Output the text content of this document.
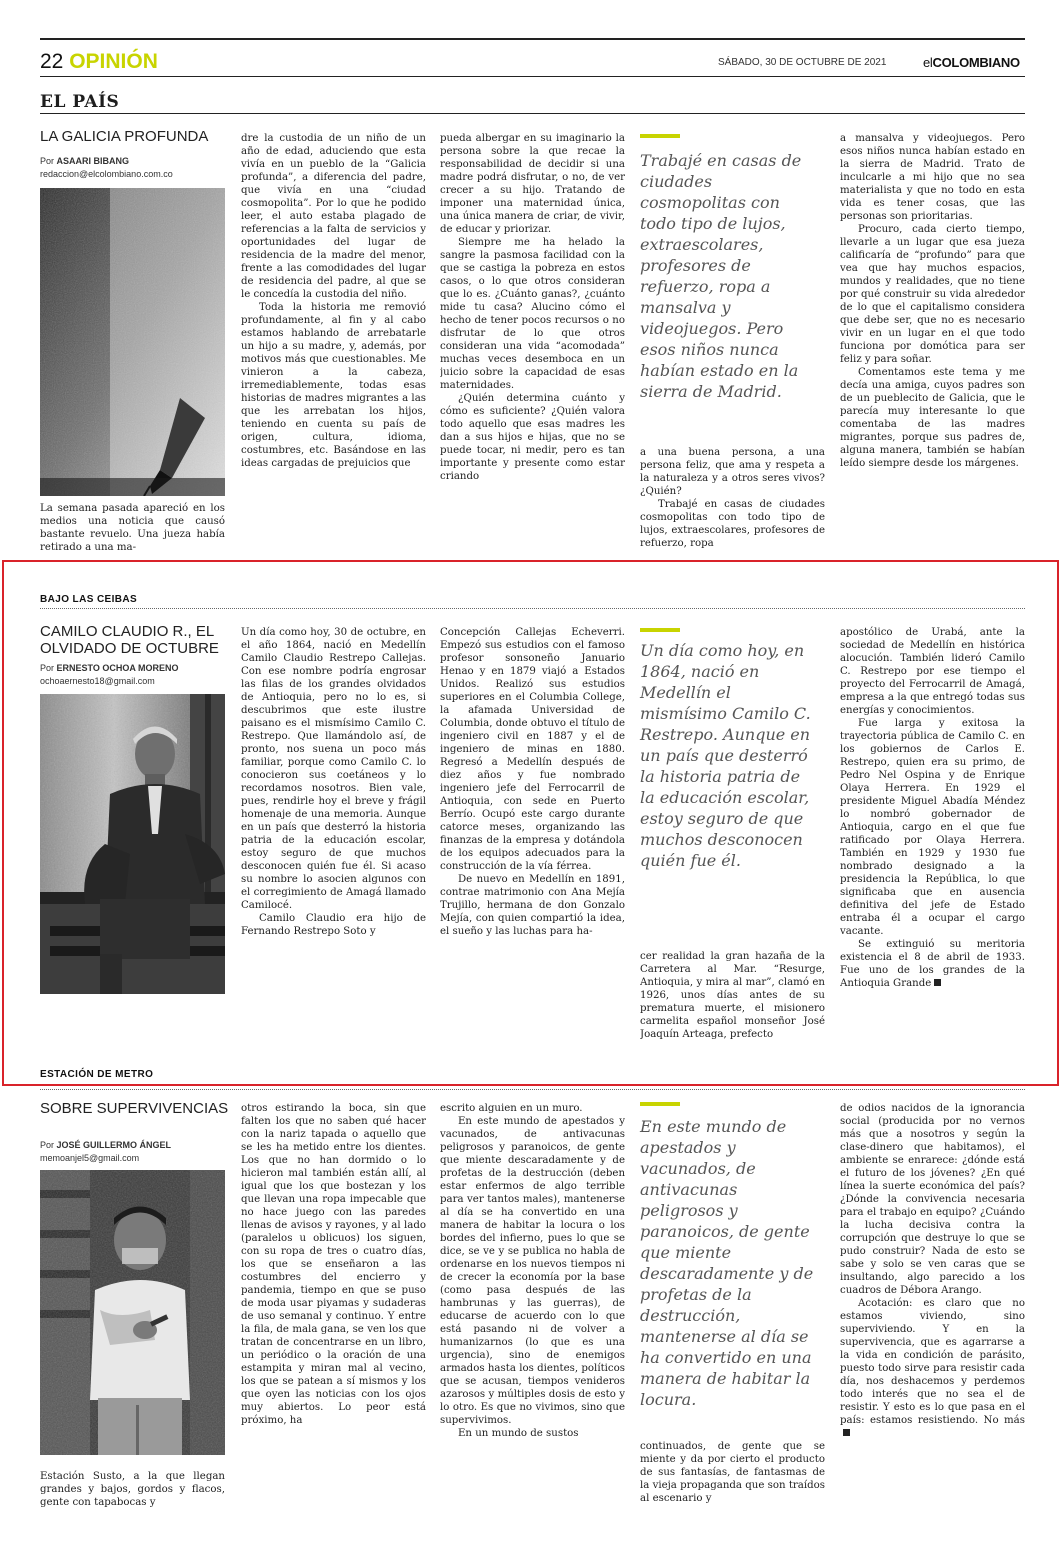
22 OPINIÓN	SÁBADO, 30 DE OCTUBRE DE 2021	elCOLOMBIANO
EL PAÍS
LA GALICIA PROFUNDA
Por ASAARI BIBANG
redaccion@elcolombiano.com.co

La semana pasada apareció en los medios una noticia que causó bastante revuelo. Una jueza había retirado a una ma-

dre la custodia de un niño de un año de edad, aduciendo que esta vivía en un pueblo de la “Galicia profunda”, a diferencia del padre, que vivía en una “ciudad cosmopolita”. Por lo que he podido leer, el auto estaba plagado de referencias a la falta de servicios y oportunidades del lugar de residencia de la madre del menor, frente a las comodidades del lugar de residencia del padre, al que se le concedía la custodia del niño.

Toda la historia me removió profundamente, al fin y al cabo estamos hablando de arrebatarle un hijo a su madre, y, además, por motivos más que cuestionables. Me vinieron a la cabeza, irremediablemente, todas esas historias de madres migrantes a las que les arrebatan los hijos, teniendo en cuenta su país de origen, cultura, idioma, costumbres, etc. Basándose en las ideas cargadas de prejuicios que

pueda albergar en su imaginario la persona sobre la que recae la responsabilidad de decidir si una madre podrá disfrutar, o no, de ver crecer a su hijo. Tratando de imponer una maternidad única, una única manera de criar, de vivir, de educar y priorizar.

Siempre me ha helado la sangre la pasmosa facilidad con la que se castiga la pobreza en estos casos, o lo que otros consideran que lo es. ¿Cuánto ganas?, ¿cuánto mide tu casa? Alucino cómo el hecho de tener pocos recursos o no disfrutar de lo que otros consideran una vida “acomodada” muchas veces desemboca en un juicio sobre la capacidad de esas maternidades.

¿Quién determina cuánto y cómo es suficiente? ¿Quién valora todo aquello que esas madres les dan a sus hijos e hijas, que no se puede tocar, ni medir, pero es tan importante y presente como estar criando

Trabajé en casas de ciudades cosmopolitas con todo tipo de lujos, extraescolares, profesores de refuerzo, ropa a mansalva y videojuegos. Pero esos niños nunca habían estado en la sierra de Madrid.

a una buena persona, a una persona feliz, que ama y respeta a la naturaleza y a otros seres vivos? ¿Quién?

Trabajé en casas de ciudades cosmopolitas con todo tipo de lujos, extraescolares, profesores de refuerzo, ropa

a mansalva y videojuegos. Pero esos niños nunca habían estado en la sierra de Madrid. Trato de inculcarle a mi hijo que no sea materialista y que no todo en esta vida es tener cosas, que las personas son prioritarias.

Procuro, cada cierto tiempo, llevarle a un lugar que esa jueza calificaría de “profundo” para que vea que hay muchos espacios, mundos y realidades, que no tiene por qué construir su vida alrededor de lo que el capitalismo considera que debe ser, que no es necesario vivir en un lugar en el que todo funciona por domótica para ser feliz y para soñar.

Comentamos este tema y me decía una amiga, cuyos padres son de un pueblecito de Galicia, que le parecía muy interesante lo que comentaba de las madres migrantes, porque sus padres de, alguna manera, también se habían leído siempre desde los márgenes.

BAJO LAS CEIBAS
CAMILO CLAUDIO R., EL OLVIDADO DE OCTUBRE
Por ERNESTO OCHOA MORENO
ochoaernesto18@gmail.com

Un día como hoy, 30 de octubre, en el año 1864, nació en Medellín Camilo Claudio Restrepo Callejas. Con ese nombre podría engrosar las filas de los grandes olvidados de Antioquia, pero no lo es, si descubrimos que este ilustre paisano es el mismísimo Camilo C. Restrepo. Que llamándolo así, de pronto, nos suena un poco más familiar, porque como Camilo C. lo conocieron sus coetáneos y lo recordamos nosotros. Bien vale, pues, rendirle hoy el breve y frágil homenaje de una memoria. Aunque en un país que desterró la historia patria de la educación escolar, estoy seguro de que muchos desconocen quién fue él. Si acaso su nombre lo asocien algunos con el corregimiento de Amagá llamado Camilocé.

Camilo Claudio era hijo de Fernando Restrepo Soto y

Concepción Callejas Echeverri. Empezó sus estudios con el famoso profesor sonsoneño Januario Henao y en 1879 viajó a Estados Unidos. Realizó sus estudios superiores en el Columbia College, la afamada Universidad de Columbia, donde obtuvo el título de ingeniero civil en 1887 y el de ingeniero de minas en 1880. Regresó a Medellín después de diez años y fue nombrado ingeniero jefe del Ferrocarril de Antioquia, con sede en Puerto Berrío. Ocupó este cargo durante catorce meses, organizando las finanzas de la empresa y dotándola de los equipos adecuados para la construcción de la vía férrea.

De nuevo en Medellín en 1891, contrae matrimonio con Ana Mejía Trujillo, hermana de don Gonzalo Mejía, con quien compartió la idea, el sueño y las luchas para ha-

Un día como hoy, en 1864, nació en Medellín el mismísimo Camilo C. Restrepo. Aunque en un país que desterró la historia patria de la educación escolar, estoy seguro de que muchos desconocen quién fue él.

cer realidad la gran hazaña de la Carretera al Mar. “Resurge, Antioquia, y mira al mar”, clamó en 1926, unos días antes de su prematura muerte, el misionero carmelita español monseñor José Joaquín Arteaga, prefecto

apostólico de Urabá, ante la sociedad de Medellín en histórica alocución. También lideró Camilo C. Restrepo por ese tiempo el proyecto del Ferrocarril de Amagá, empresa a la que entregó todas sus energías y conocimientos.

Fue larga y exitosa la trayectoria pública de Camilo C. en los gobiernos de Carlos E. Restrepo, quien era su primo, de Pedro Nel Ospina y de Enrique Olaya Herrera. En 1929 el presidente Miguel Abadía Méndez lo nombró gobernador de Antioquia, cargo en el que fue ratificado por Olaya Herrera. También en 1929 y 1930 fue nombrado designado a la presidencia la República, lo que significaba que en ausencia definitiva del jefe de Estado entraba él a ocupar el cargo vacante.

Se extinguió su meritoria existencia el 8 de abril de 1933. Fue uno de los grandes de la Antioquia Grande

ESTACIÓN DE METRO
SOBRE SUPERVIVENCIAS
Por JOSÉ GUILLERMO ÁNGEL
memoanjel5@gmail.com

Estación Susto, a la que llegan grandes y bajos, gordos y flacos, gente con tapabocas y

otros estirando la boca, sin que falten los que no saben qué hacer con la nariz tapada o aquello que se les ha metido entre los dientes. Los que no han dormido o lo hicieron mal también están allí, al igual que los que bostezan y los que llevan una ropa impecable que no hace juego con las paredes llenas de avisos y rayones, y al lado (paralelos u oblicuos) los siguen, con su ropa de tres o cuatro días, los que se enseñaron a las costumbres del encierro y pandemia, tiempo en que se puso de moda usar piyamas y sudaderas de uso semanal y continuo. Y entre la fila, de mala gana, se ven los que tratan de concentrarse en un libro, un periódico o la oración de una estampita y miran mal al vecino, los que se patean a sí mismos y los que oyen las noticias con los ojos muy abiertos. Lo peor está próximo, ha

escrito alguien en un muro.

En este mundo de apestados y vacunados, de antivacunas peligrosos y paranoicos, de gente que miente descaradamente y de profetas de la destrucción (deben estar enfermos de algo terrible para ver tantos males), mantenerse al día se ha convertido en una manera de habitar la locura o los bordes del infierno, pues lo que se dice, se ve y se publica no habla de ordenarse en los nuevos tiempos ni de crecer la economía por la base (como pasa después de las hambrunas y las guerras), de educarse de acuerdo con lo que está pasando ni de volver a humanizarnos (lo que es una urgencia), sino de enemigos armados hasta los dientes, políticos que se acusan, tiempos venideros azarosos y múltiples dosis de esto y lo otro. Es que no vivimos, sino que supervivimos.

En un mundo de sustos

En este mundo de apestados y vacunados, de antivacunas peligrosos y paranoicos, de gente que miente descaradamente y de profetas de la destrucción, mantenerse al día se ha convertido en una manera de habitar la locura.

continuados, de gente que se miente y da por cierto el producto de sus fantasías, de fantasmas de la vieja propaganda que son traídos al escenario y

de odios nacidos de la ignorancia social (producida por no vernos más que a nosotros y según la clase-dinero que habitamos), el ambiente se enrarece: ¿dónde está el futuro de los jóvenes? ¿En qué línea la suerte económica del país? ¿Dónde la convivencia necesaria para el trabajo en equipo? ¿Cuándo la lucha decisiva contra la corrupción que destruye lo que se pudo construir? Nada de esto se sabe y solo se ven caras que se insultando, algo parecido a los cuadros de Débora Arango.

Acotación: es claro que no estamos viviendo, sino superviviendo. Y en la supervivencia, que es agarrarse a la vida en condición de parásito, puesto todo sirve para resistir cada día, nos deshacemos y perdemos todo interés que no sea el de resistir. Y esto es lo que pasa en el país: estamos resistiendo. No más
